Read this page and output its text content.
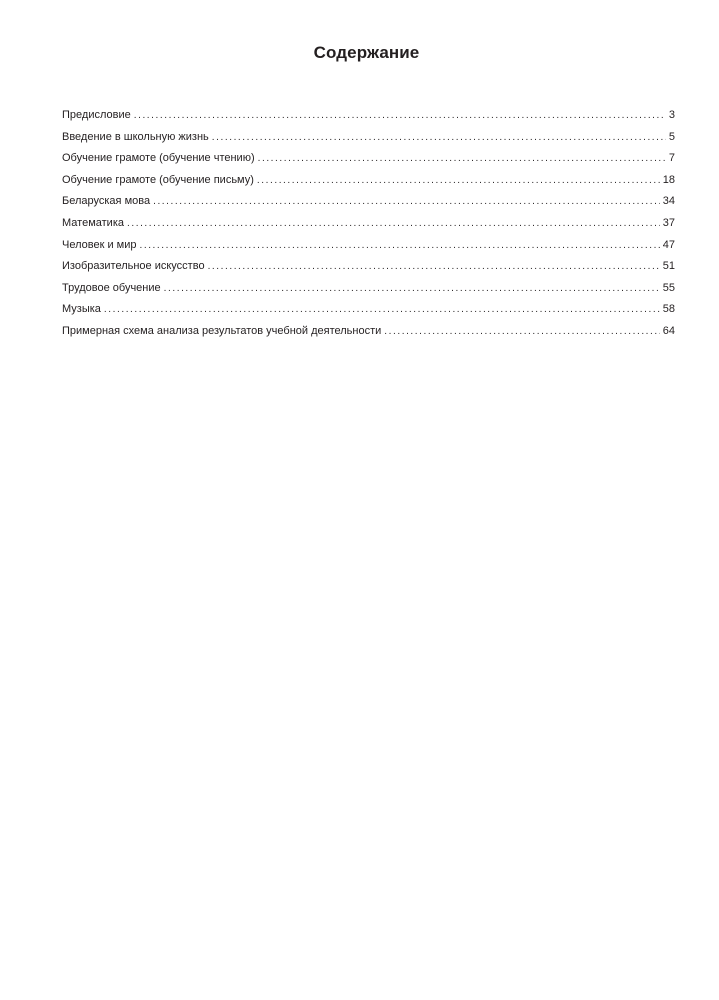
Содержание
Предисловие . . .	3
Введение в школьную жизнь . . .	5
Обучение грамоте (обучение чтению) . . .	7
Обучение грамоте (обучение письму) . . .	18
Беларуская мова . . .	34
Математика . . .	37
Человек и мир . . .	47
Изобразительное искусство . . .	51
Трудовое обучение . . .	55
Музыка . . .	58
Примерная схема анализа результатов учебной деятельности . . .	64
